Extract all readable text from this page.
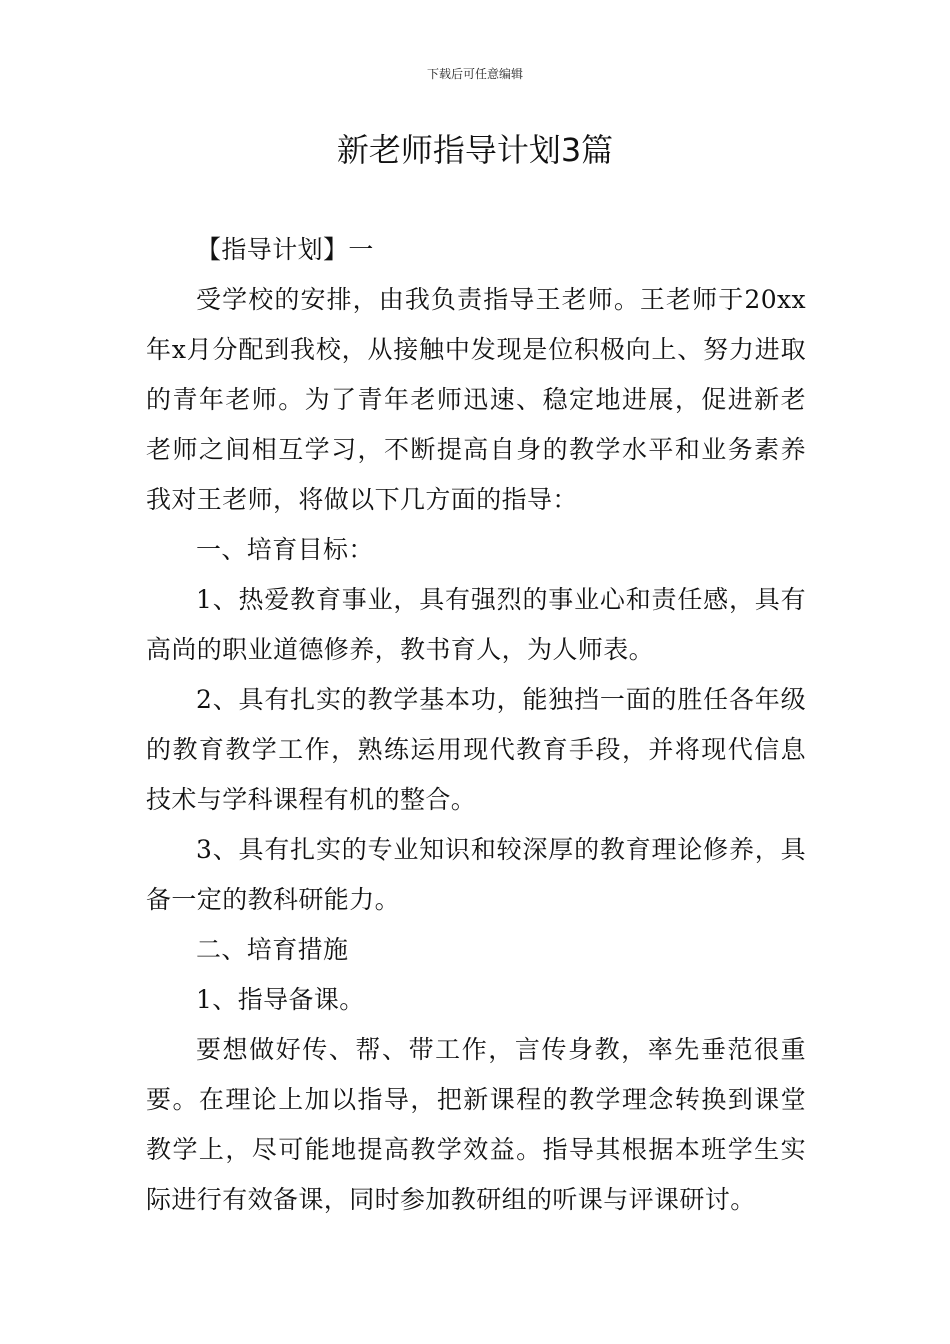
下载后可任意编辑
新老师指导计划3篇

【指导计划】一

受学校的安排，由我负责指导王老师。王老师于20xx年x月分配到我校，从接触中发现是位积极向上、努力进取的青年老师。为了青年老师迅速、稳定地进展，促进新老老师之间相互学习，不断提高自身的教学水平和业务素养我对王老师，将做以下几方面的指导：

一、培育目标：

1、热爱教育事业，具有强烈的事业心和责任感，具有高尚的职业道德修养，教书育人，为人师表。

2、具有扎实的教学基本功，能独挡一面的胜任各年级的教育教学工作，熟练运用现代教育手段，并将现代信息技术与学科课程有机的整合。

3、具有扎实的专业知识和较深厚的教育理论修养，具备一定的教科研能力。

二、培育措施

1、指导备课。

要想做好传、帮、带工作，言传身教，率先垂范很重要。在理论上加以指导，把新课程的教学理念转换到课堂教学上，尽可能地提高教学效益。指导其根据本班学生实际进行有效备课，同时参加教研组的听课与评课研讨。
